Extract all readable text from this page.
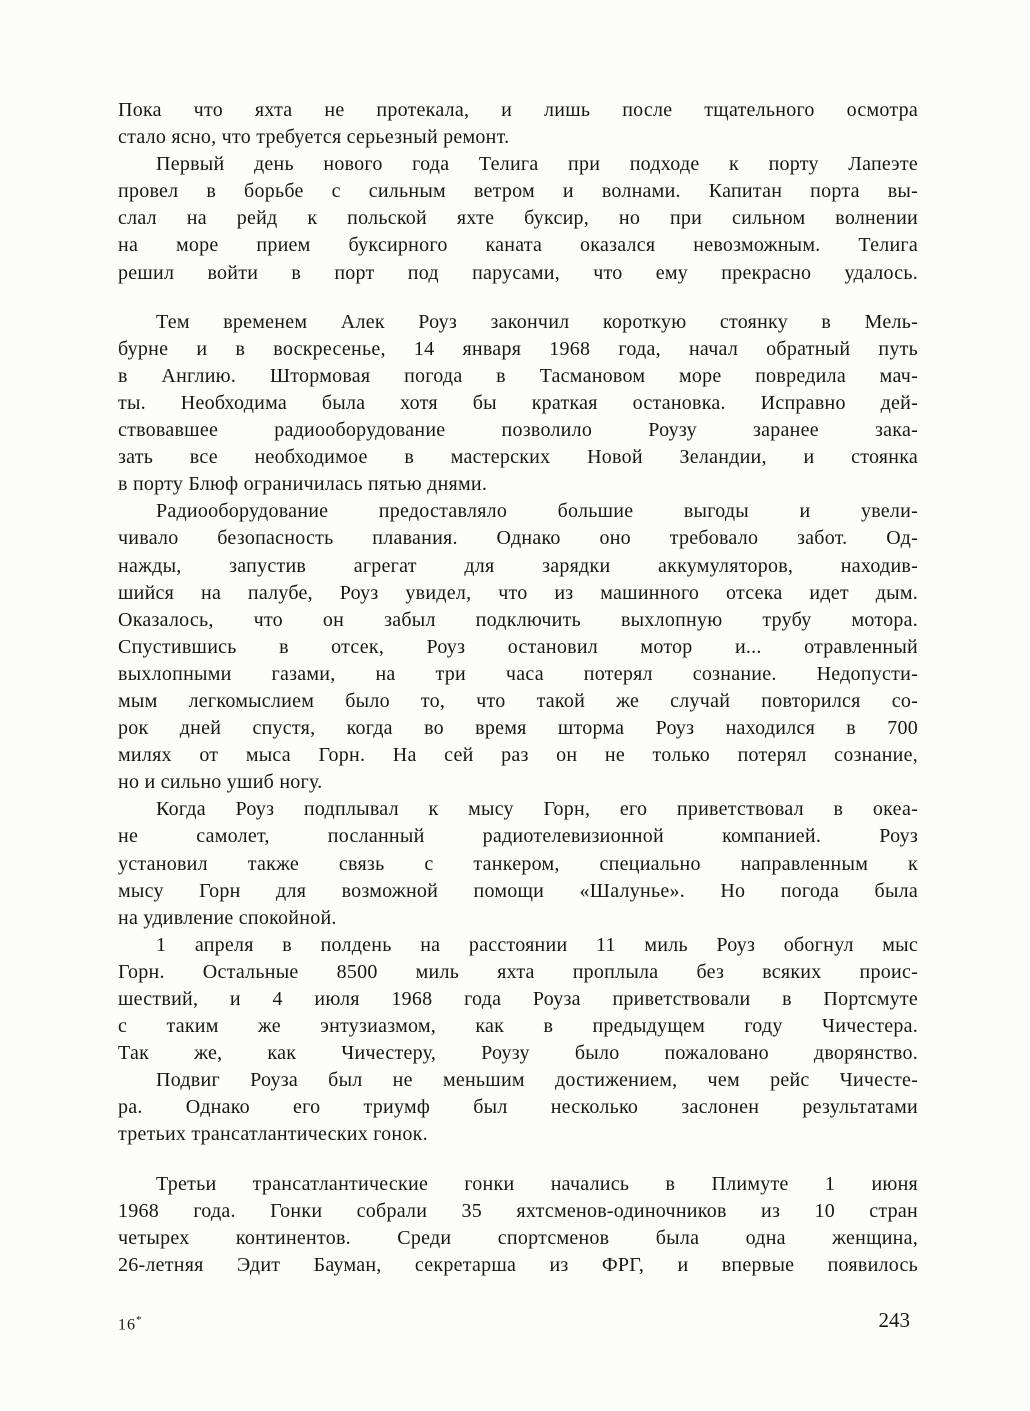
Пока что яхта не протекала, и лишь после тщательного осмотра
стало ясно, что требуется серьезный ремонт.

Первый день нового года Телига при подходе к порту Лапеэте
провел в борьбе с сильным ветром и волнами. Капитан порта вы-
слал на рейд к польской яхте буксир, но при сильном волнении
на море прием буксирного каната оказался невозможным. Телига
решил войти в порт под парусами, что ему прекрасно удалось.

Тем временем Алек Роуз закончил короткую стоянку в Мель-
бурне и в воскресенье, 14 января 1968 года, начал обратный путь
в Англию. Штормовая погода в Тасмановом море повредила мач-
ты. Необходима была хотя бы краткая остановка. Исправно дей-
ствовавшее радиооборудование позволило Роузу заранее зака-
зать все необходимое в мастерских Новой Зеландии, и стоянка
в порту Блюф ограничилась пятью днями.

Радиооборудование предоставляло большие выгоды и увели-
чивало безопасность плавания. Однако оно требовало забот. Од-
нажды, запустив агрегат для зарядки аккумуляторов, находив-
шийся на палубе, Роуз увидел, что из машинного отсека идет дым.
Оказалось, что он забыл подключить выхлопную трубу мотора.
Спустившись в отсек, Роуз остановил мотор и... отравленный
выхлопными газами, на три часа потерял сознание. Недопусти-
мым легкомыслием было то, что такой же случай повторился со-
рок дней спустя, когда во время шторма Роуз находился в 700
милях от мыса Горн. На сей раз он не только потерял сознание,
но и сильно ушиб ногу.

Когда Роуз подплывал к мысу Горн, его приветствовал в океа-
не самолет, посланный радиотелевизионной компанией. Роуз
установил также связь с танкером, специально направленным к
мысу Горн для возможной помощи «Шалунье». Но погода была
на удивление спокойной.

1 апреля в полдень на расстоянии 11 миль Роуз обогнул мыс
Горн. Остальные 8500 миль яхта проплыла без всяких проис-
шествий, и 4 июля 1968 года Роуза приветствовали в Портсмуте
с таким же энтузиазмом, как в предыдущем году Чичестера.
Так же, как Чичестеру, Роузу было пожаловано дворянство.

Подвиг Роуза был не меньшим достижением, чем рейс Чичесте-
ра. Однако его триумф был несколько заслонен результатами
третьих трансатлантических гонок.

Третьи трансатлантические гонки начались в Плимуте 1 июня
1968 года. Гонки собрали 35 яхтсменов-одиночников из 10 стран
четырех континентов. Среди спортсменов была одна женщина,
26-летняя Эдит Бауман, секретарша из ФРГ, и впервые появилось

16*	243
